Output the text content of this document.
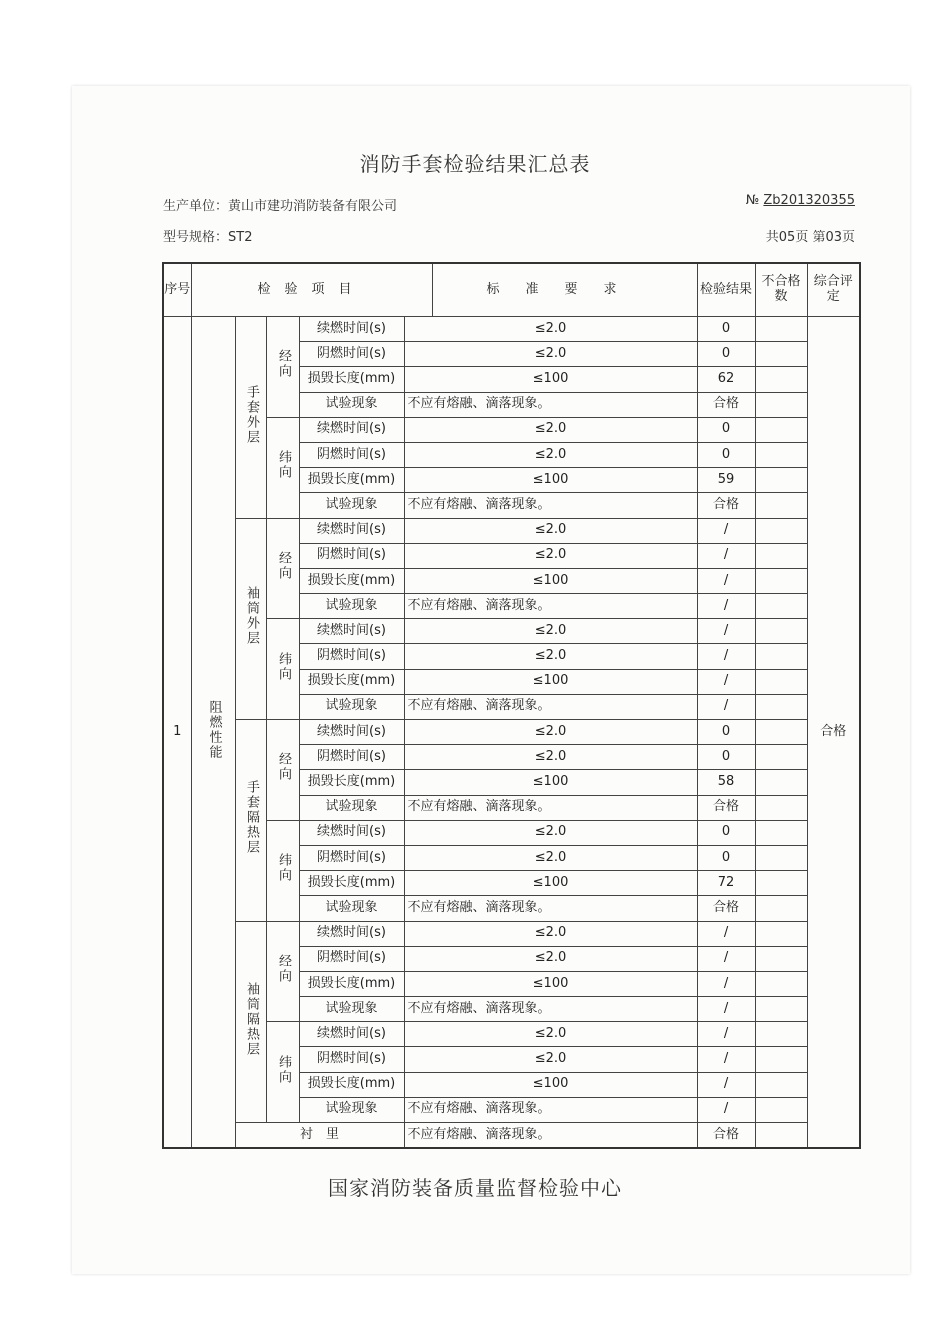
消防手套检验结果汇总表
生产单位：黄山市建功消防装备有限公司
型号规格：ST2
№ Zb201320355
共05页 第03页
序号	检验项目 标准要求					检验结果	不合格数	综合评定
1	阻燃性能	手套外层	经向	续燃时间(s)	≤2.0	0		合格
				阴燃时间(s)	≤2.0	0		
				损毁长度(mm)	≤100	62		
				试验现象	不应有熔融、滴落现象。	合格		
			纬向	续燃时间(s)	≤2.0	0		
				阴燃时间(s)	≤2.0	0		
				损毁长度(mm)	≤100	59		
				试验现象	不应有熔融、滴落现象。	合格		
		袖筒外层	经向	续燃时间(s)	≤2.0	/		
				阴燃时间(s)	≤2.0	/		
				损毁长度(mm)	≤100	/		
				试验现象	不应有熔融、滴落现象。	/		
			纬向	续燃时间(s)	≤2.0	/		
				阴燃时间(s)	≤2.0	/		
				损毁长度(mm)	≤100	/		
				试验现象	不应有熔融、滴落现象。	/		
		手套隔热层	经向	续燃时间(s)	≤2.0	0		
				阴燃时间(s)	≤2.0	0		
				损毁长度(mm)	≤100	58		
				试验现象	不应有熔融、滴落现象。	合格		
			纬向	续燃时间(s)	≤2.0	0		
				阴燃时间(s)	≤2.0	0		
				损毁长度(mm)	≤100	72		
				试验现象	不应有熔融、滴落现象。	合格		
		袖筒隔热层	经向	续燃时间(s)	≤2.0	/		
				阴燃时间(s)	≤2.0	/		
				损毁长度(mm)	≤100	/		
				试验现象	不应有熔融、滴落现象。	/		
			纬向	续燃时间(s)	≤2.0	/		
				阴燃时间(s)	≤2.0	/		
				损毁长度(mm)	≤100	/		
				试验现象	不应有熔融、滴落现象。	/		
		衬　里			不应有熔融、滴落现象。	合格		
国家消防装备质量监督检验中心
